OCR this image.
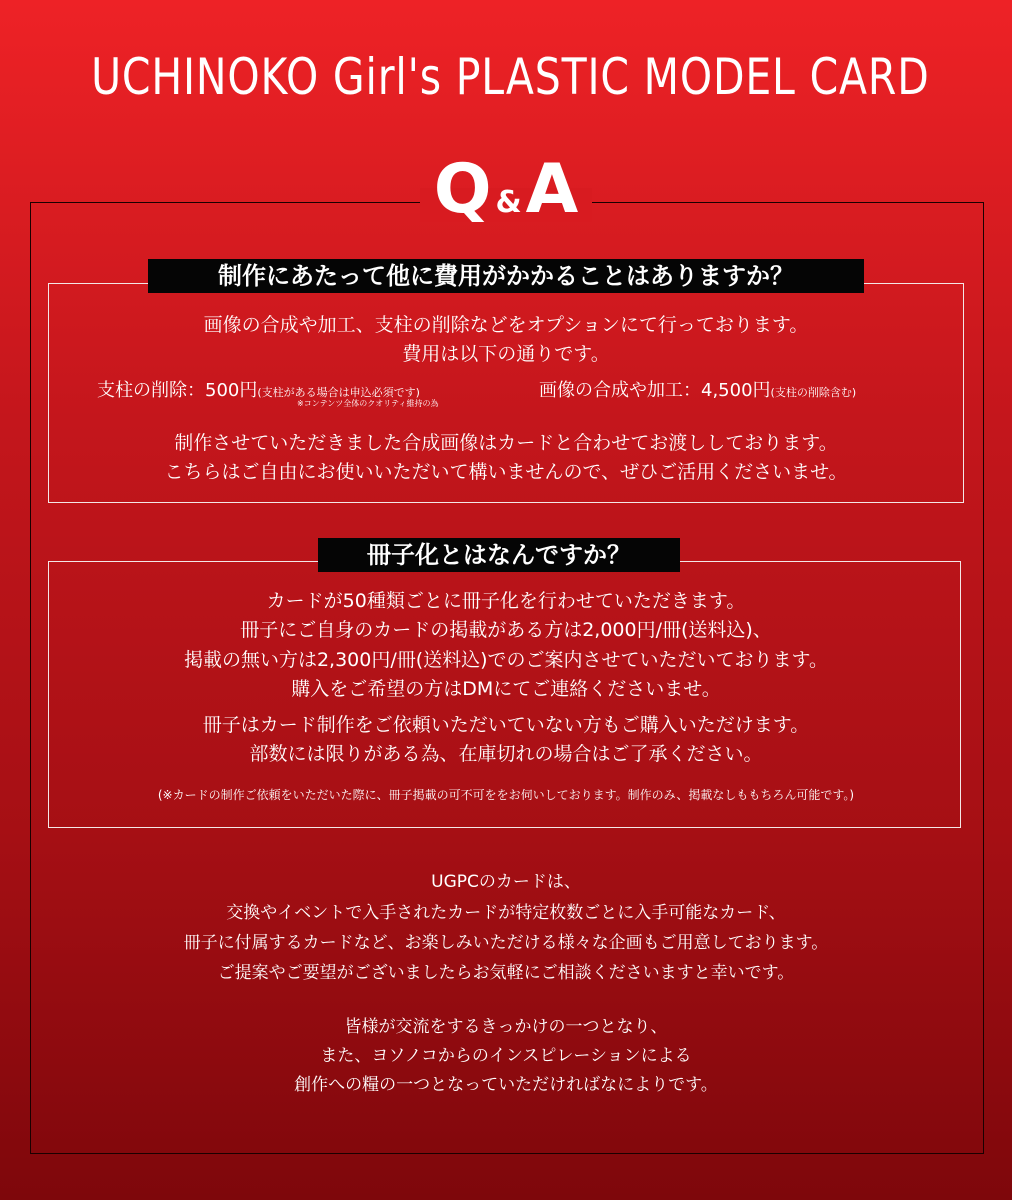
UCHINOKO Girl's PLASTIC MODEL CARD
Q &A
制作にあたって他に費用がかかることはありますか？
画像の合成や加工、支柱の削除などをオプションにて行っております。
費用は以下の通りです。
支柱の削除：500円(支柱がある場合は申込必須です)
※コンテンツ全体のクオリティ維持の為
画像の合成や加工：4,500円(支柱の削除含む)
制作させていただきました合成画像はカードと合わせてお渡ししております。
こちらはご自由にお使いいただいて構いませんので、ぜひご活用くださいませ。
冊子化とはなんですか？
カードが50種類ごとに冊子化を行わせていただきます。
冊子にご自身のカードの掲載がある方は2,000円/冊(送料込)、
掲載の無い方は2,300円/冊(送料込)でのご案内させていただいております。
購入をご希望の方はDMにてご連絡くださいませ。
冊子はカード制作をご依頼いただいていない方もご購入いただけます。
部数には限りがある為、在庫切れの場合はご了承ください。
(※カードの制作ご依頼をいただいた際に、冊子掲載の可不可ををお伺いしております。制作のみ、掲載なしももちろん可能です。)
UGPCのカードは、
交換やイベントで入手されたカードが特定枚数ごとに入手可能なカード、
冊子に付属するカードなど、お楽しみいただける様々な企画もご用意しております。
ご提案やご要望がございましたらお気軽にご相談くださいますと幸いです。
皆様が交流をするきっかけの一つとなり、
また、ヨソノコからのインスピレーションによる
創作への糧の一つとなっていただければなによりです。
